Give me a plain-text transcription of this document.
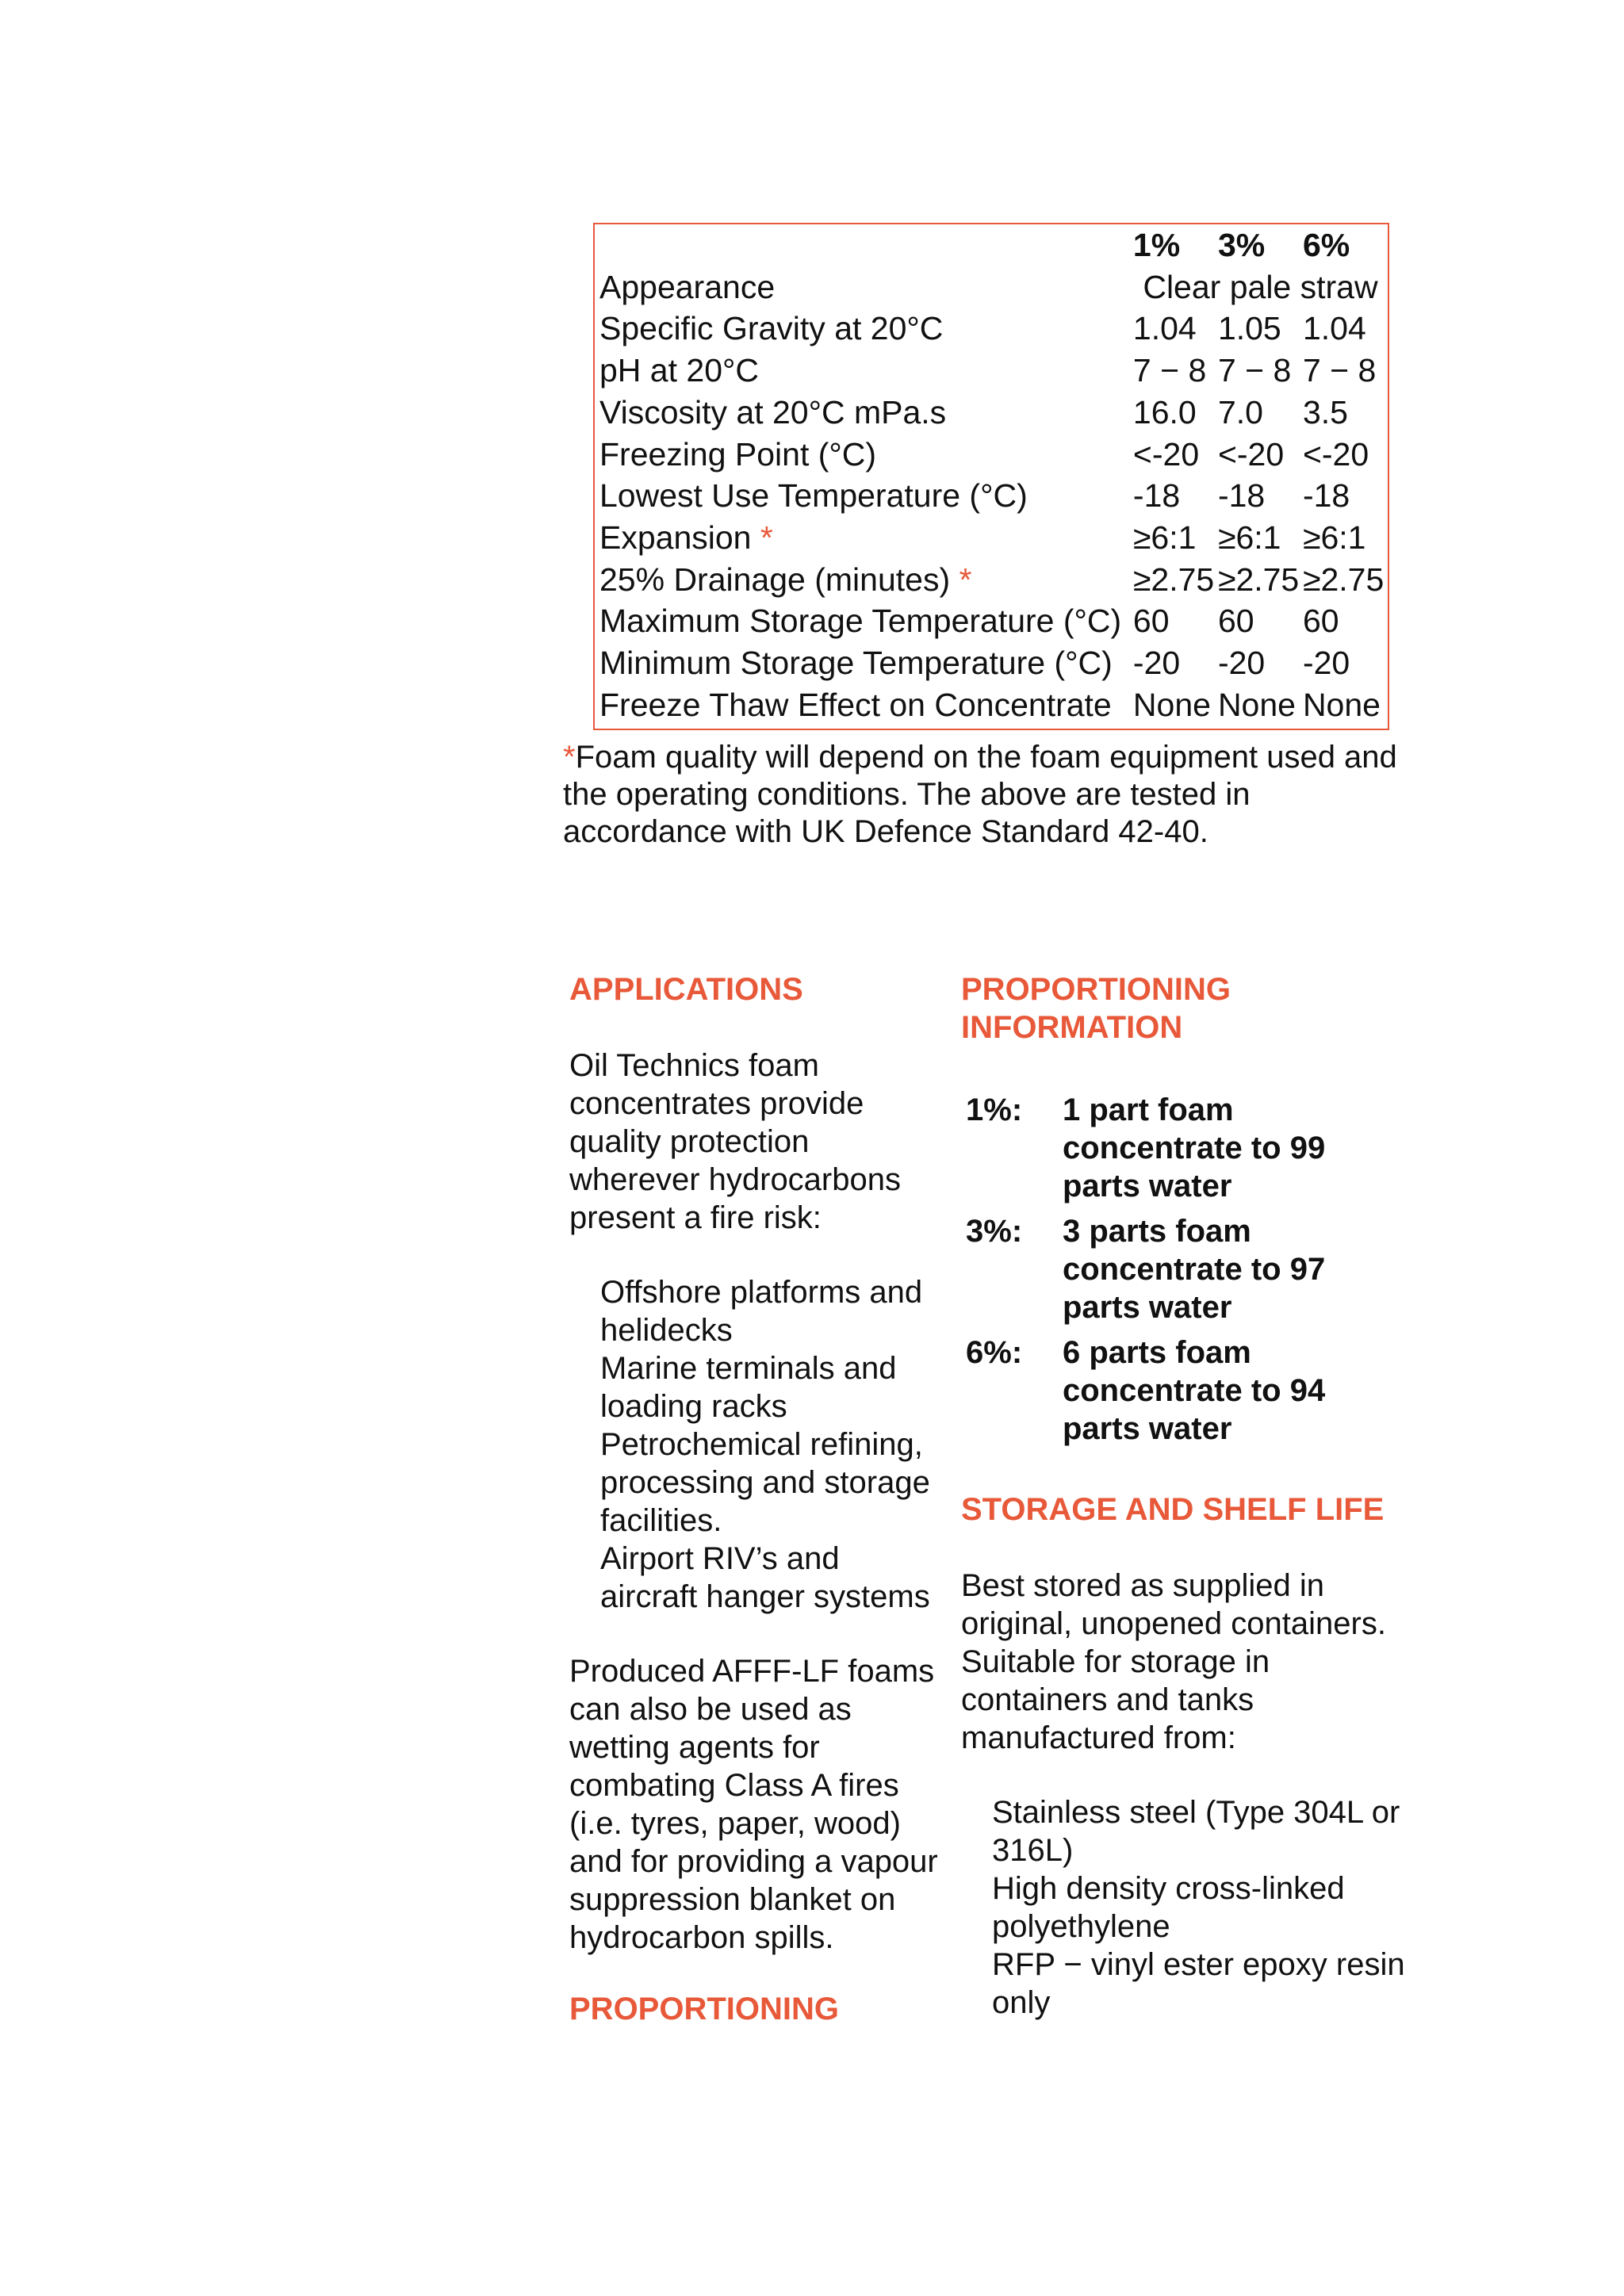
	1%	3%	6%
Appearance	Clear pale straw		
Specific Gravity at 20°C	1.04	1.05	1.04
pH at 20°C	7 − 8	7 − 8	7 − 8
Viscosity at 20°C mPa.s	16.0	7.0	3.5
Freezing Point (°C)	<-20	<-20	<-20
Lowest Use Temperature (°C)	-18	-18	-18
Expansion *	≥6:1	≥6:1	≥6:1
25% Drainage (minutes) *	≥2.75	≥2.75	≥2.75
Maximum Storage Temperature (°C)	60	60	60
Minimum Storage Temperature (°C)	-20	-20	-20
Freeze Thaw Effect on Concentrate	None	None	None
*Foam quality will depend on the foam equipment used and
the operating conditions. The above are tested in
accordance with UK Defence Standard 42-40.
APPLICATIONS
Oil Technics foam
concentrates provide
quality protection
wherever hydrocarbons
present a fire risk:
Offshore platforms and
helidecks
Marine terminals and
loading racks
Petrochemical refining,
processing and storage
facilities.
Airport RIV’s and
aircraft hanger systems
Produced AFFF-LF foams
can also be used as
wetting agents for
combating Class A fires
(i.e. tyres, paper, wood)
and for providing a vapour
suppression blanket on
hydrocarbon spills.
PROPORTIONING
PROPORTIONING
INFORMATION
1%: 1 part foam
concentrate to 99
parts water
3%: 3 parts foam
concentrate to 97
parts water
6%: 6 parts foam
concentrate to 94
parts water
STORAGE AND SHELF LIFE
Best stored as supplied in
original, unopened containers.
Suitable for storage in
containers and tanks
manufactured from:
Stainless steel (Type 304L or
316L)
High density cross-linked
polyethylene
RFP − vinyl ester epoxy resin
only
